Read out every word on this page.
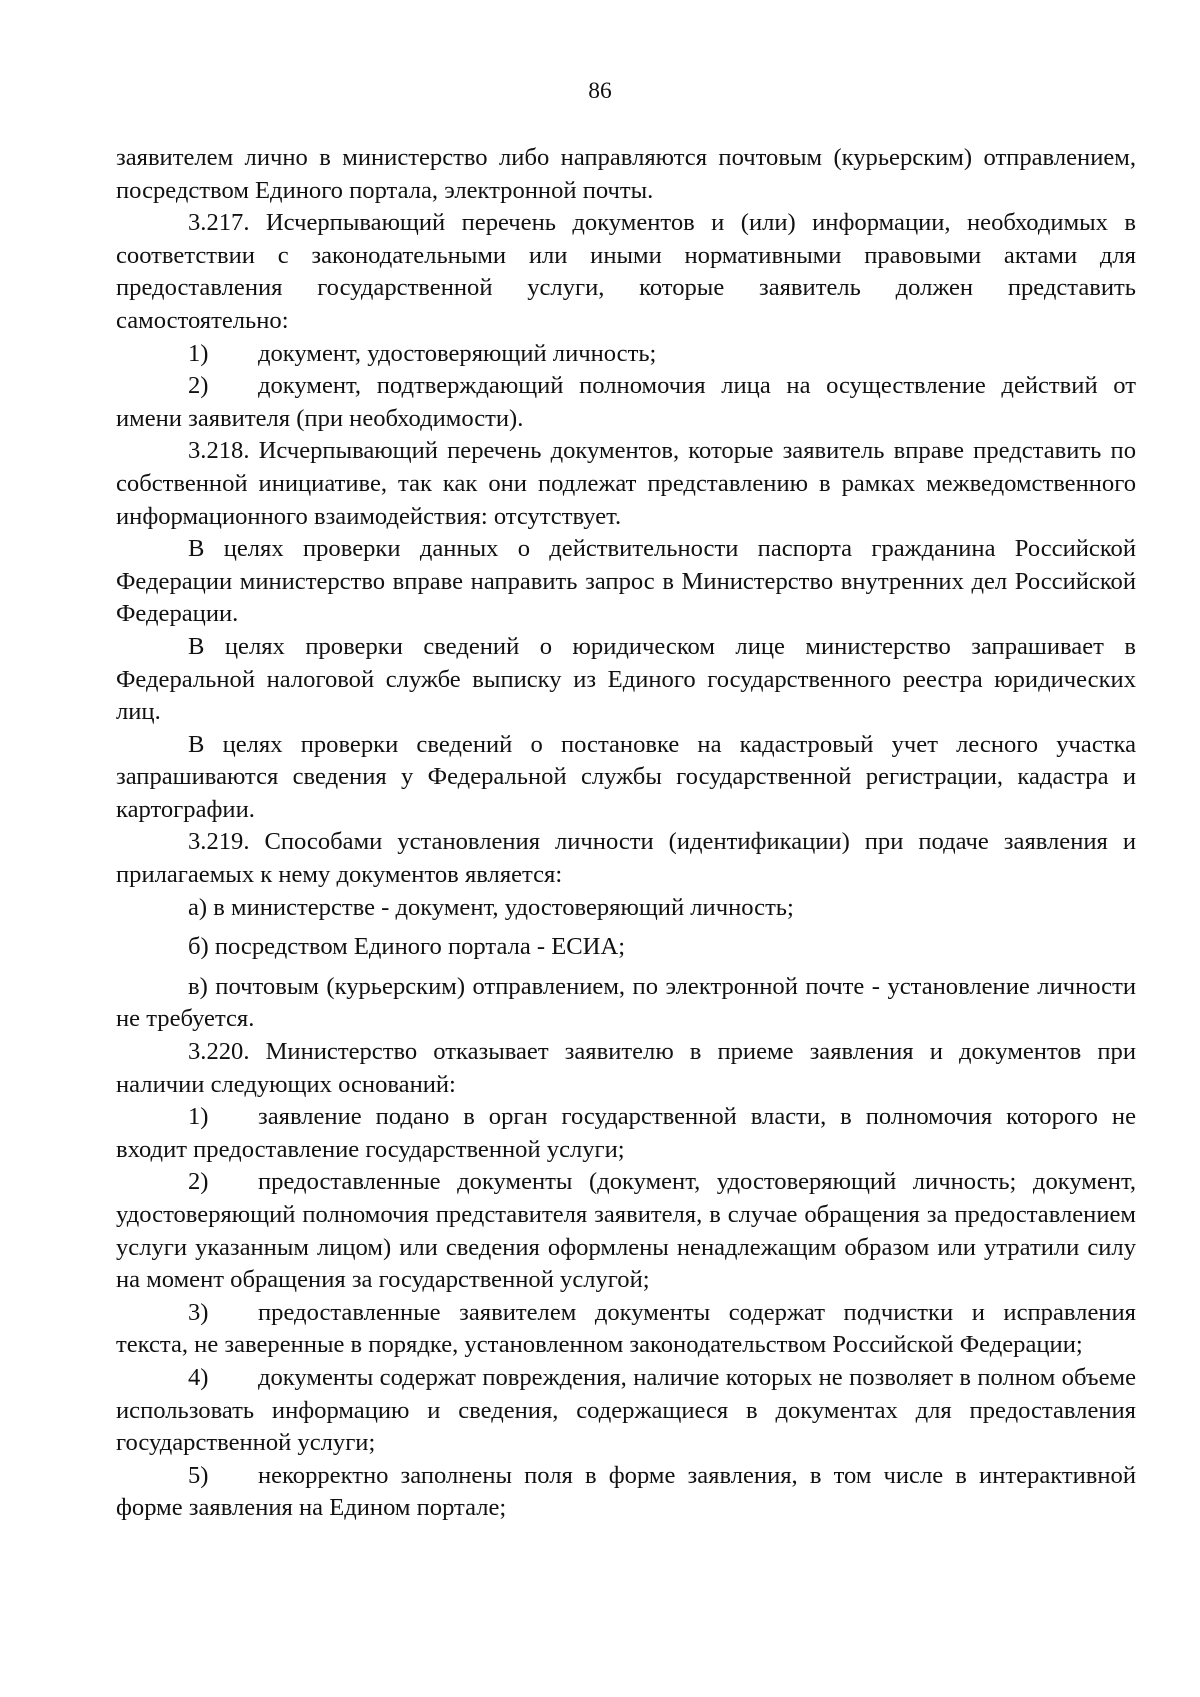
86

заявителем лично в министерство либо направляются почтовым (курьерским) отправлением, посредством Единого портала, электронной почты.

3.217. Исчерпывающий перечень документов и (или) информации, необходимых в соответствии с законодательными или иными нормативными правовыми актами для предоставления государственной услуги, которые заявитель должен представить самостоятельно:

1) документ, удостоверяющий личность;

2) документ, подтверждающий полномочия лица на осуществление действий от имени заявителя (при необходимости).

3.218. Исчерпывающий перечень документов, которые заявитель вправе представить по собственной инициативе, так как они подлежат представлению в рамках межведомственного информационного взаимодействия: отсутствует.

В целях проверки данных о действительности паспорта гражданина Российской Федерации министерство вправе направить запрос в Министерство внутренних дел Российской Федерации.

В целях проверки сведений о юридическом лице министерство запрашивает в Федеральной налоговой службе выписку из Единого государственного реестра юридических лиц.

В целях проверки сведений о постановке на кадастровый учет лесного участка запрашиваются сведения у Федеральной службы государственной регистрации, кадастра и картографии.

3.219. Способами установления личности (идентификации) при подаче заявления и прилагаемых к нему документов является:

а) в министерстве - документ, удостоверяющий личность;

б) посредством Единого портала - ЕСИА;

в) почтовым (курьерским) отправлением, по электронной почте - установление личности не требуется.

3.220. Министерство отказывает заявителю в приеме заявления и документов при наличии следующих оснований:

1) заявление подано в орган государственной власти, в полномочия которого не входит предоставление государственной услуги;

2) предоставленные документы (документ, удостоверяющий личность; документ, удостоверяющий полномочия представителя заявителя, в случае обращения за предоставлением услуги указанным лицом) или сведения оформлены ненадлежащим образом или утратили силу на момент обращения за государственной услугой;

3) предоставленные заявителем документы содержат подчистки и исправления текста, не заверенные в порядке, установленном законодательством Российской Федерации;

4) документы содержат повреждения, наличие которых не позволяет в полном объеме использовать информацию и сведения, содержащиеся в документах для предоставления государственной услуги;

5) некорректно заполнены поля в форме заявления, в том числе в интерактивной форме заявления на Едином портале;
